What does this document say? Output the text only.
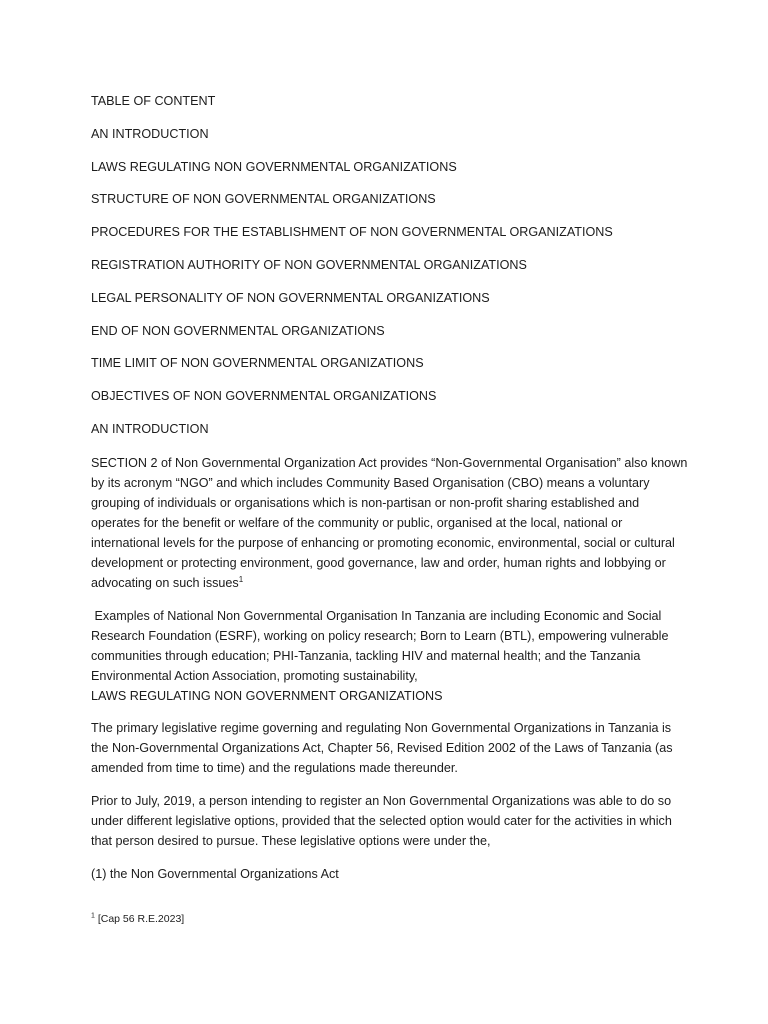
TABLE OF CONTENT

AN INTRODUCTION

LAWS REGULATING NON GOVERNMENTAL ORGANIZATIONS

STRUCTURE OF NON GOVERNMENTAL ORGANIZATIONS

PROCEDURES FOR THE ESTABLISHMENT OF NON GOVERNMENTAL ORGANIZATIONS

REGISTRATION AUTHORITY OF NON GOVERNMENTAL ORGANIZATIONS

LEGAL PERSONALITY OF NON GOVERNMENTAL ORGANIZATIONS

END OF NON GOVERNMENTAL ORGANIZATIONS

TIME LIMIT OF NON GOVERNMENTAL ORGANIZATIONS

OBJECTIVES OF NON GOVERNMENTAL ORGANIZATIONS

AN INTRODUCTION

SECTION 2 of Non Governmental Organization Act provides “Non-Governmental Organisation” also known by its acronym “NGO” and which includes Community Based Organisation (CBO) means a voluntary grouping of individuals or organisations which is non-partisan or non-profit sharing established and operates for the benefit or welfare of the community or public, organised at the local, national or international levels for the purpose of enhancing or promoting economic, environmental, social or cultural development or protecting environment, good governance, law and order, human rights and lobbying or advocating on such issues$^1$

Examples of National Non Governmental Organisation In Tanzania are including Economic and Social Research Foundation (ESRF), working on policy research; Born to Learn (BTL), empowering vulnerable communities through education; PHI-Tanzania, tackling HIV and maternal health; and the Tanzania Environmental Action Association, promoting sustainability,

LAWS REGULATING NON GOVERNMENT ORGANIZATIONS

The primary legislative regime governing and regulating Non Governmental Organizations in Tanzania is the Non-Governmental Organizations Act, Chapter 56, Revised Edition 2002 of the Laws of Tanzania (as amended from time to time) and the regulations made thereunder.

Prior to July, 2019, a person intending to register an Non Governmental Organizations was able to do so under different legislative options, provided that the selected option would cater for the activities in which that person desired to pursue. These legislative options were under the,

(1) the Non Governmental Organizations Act

$^1$ [Cap 56 R.E.2023]
